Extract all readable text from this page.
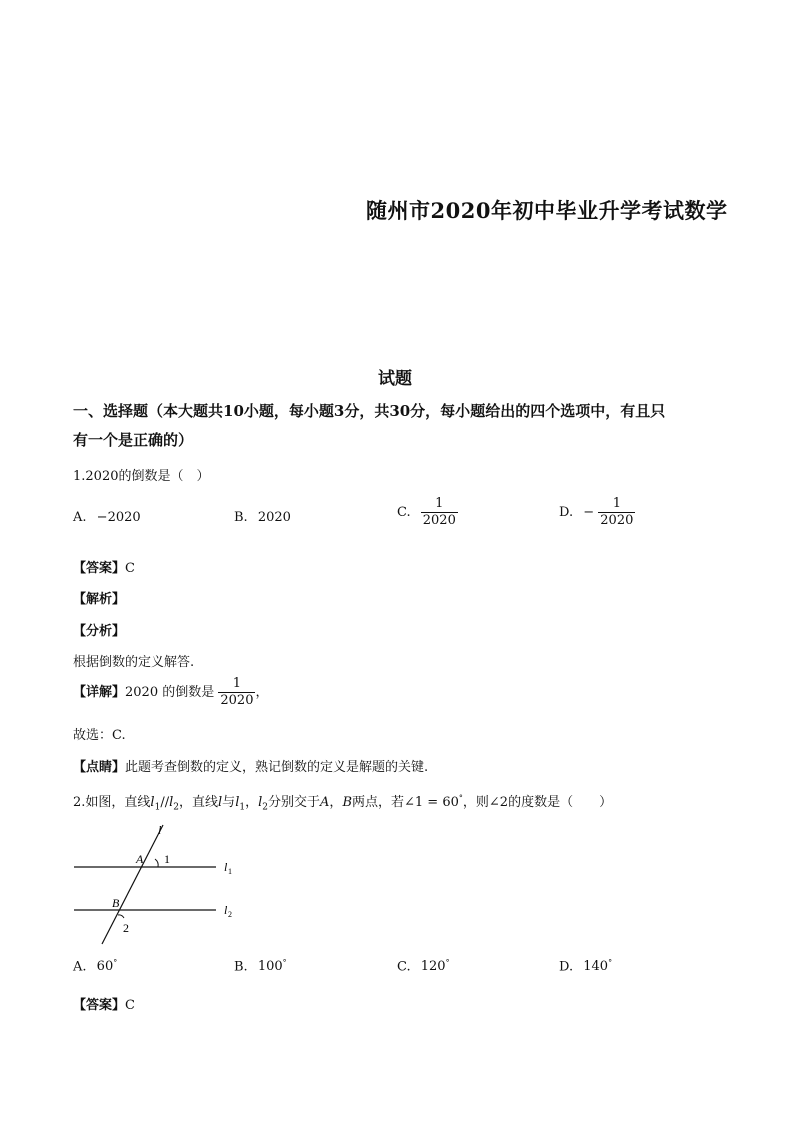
随州市2020年初中毕业升学考试数学
试题
一、选择题（本大题共10小题，每小题3分，共30分，每小题给出的四个选项中，有且只
有一个是正确的）
1.2020的倒数是（　）
A. −2020	B. 2020	C. $\frac{1}{2020}$	D. − $\frac{1}{2020}$
【答案】C
【解析】
【分析】
根据倒数的定义解答.
【详解】2020 的倒数是 $\frac{1}{2020}$ ，
故选：C.
【点睛】此题考查倒数的定义，熟记倒数的定义是解题的关键.
2.如图，直线$l_1//l_2$，直线l与$l_1$，$l_2$分别交于A，B两点，若∠1 = 60°，则∠2的度数是（　　）
l
A 1
l 1
B
2
l 2
A. 60°	B. 100°	C. 120°	D. 140°
【答案】C
